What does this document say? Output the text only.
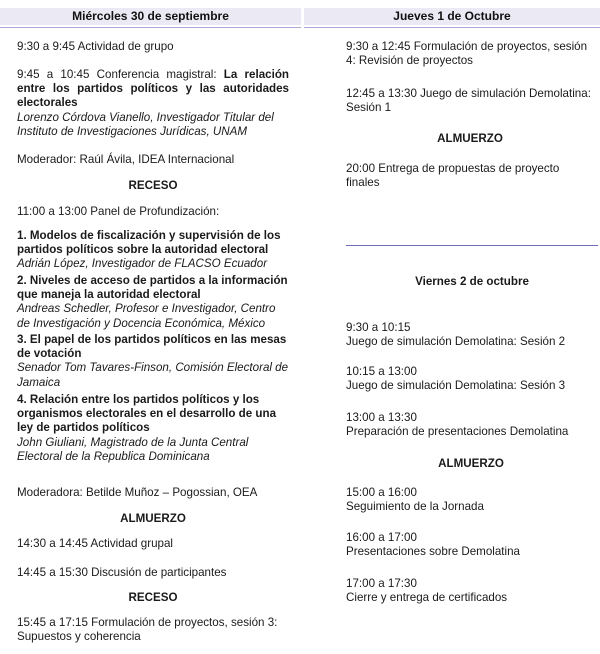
Miércoles 30 de septiembre

9:30 a 9:45 Actividad de grupo

9:45 a 10:45 Conferencia magistral: La relación entre los partidos políticos y las autoridades electorales

Lorenzo Córdova Vianello, Investigador Titular del Instituto de Investigaciones Jurídicas, UNAM

Moderador: Raúl Ávila, IDEA Internacional

RECESO

11:00 a 13:00 Panel de Profundización:

1. Modelos de fiscalización y supervisión de los partidos políticos sobre la autoridad electoral
Adrián López, Investigador de FLACSO Ecuador
2. Niveles de acceso de partidos a la información que maneja la autoridad electoral
Andreas Schedler, Profesor e Investigador, Centro de Investigación y Docencia Económica, México
3. El papel de los partidos políticos en las mesas de votación
Senador Tom Tavares-Finson, Comisión Electoral de Jamaica
4. Relación entre los partidos políticos y los organismos electorales en el desarrollo de una ley de partidos políticos
John Giuliani, Magistrado de la Junta Central Electoral de la Republica Dominicana

Moderadora: Betilde Muñoz – Pogossian, OEA

ALMUERZO

14:30 a 14:45 Actividad grupal

14:45 a 15:30 Discusión de participantes

RECESO

15:45 a 17:15 Formulación de proyectos, sesión 3: Supuestos y coherencia

Jueves 1 de Octubre

9:30 a 12:45 Formulación de proyectos, sesión 4: Revisión de proyectos

12:45 a 13:30 Juego de simulación Demolatina: Sesión 1

ALMUERZO

20:00 Entrega de propuestas de proyecto finales

Viernes 2 de octubre
9:30 a 10:15
Juego de simulación Demolatina: Sesión 2
10:15 a 13:00
Juego de simulación Demolatina: Sesión 3
13:00 a 13:30
Preparación de presentaciones Demolatina

ALMUERZO

15:00 a 16:00
Seguimiento de la Jornada
16:00 a 17:00
Presentaciones sobre Demolatina
17:00 a 17:30
Cierre y entrega de certificados
